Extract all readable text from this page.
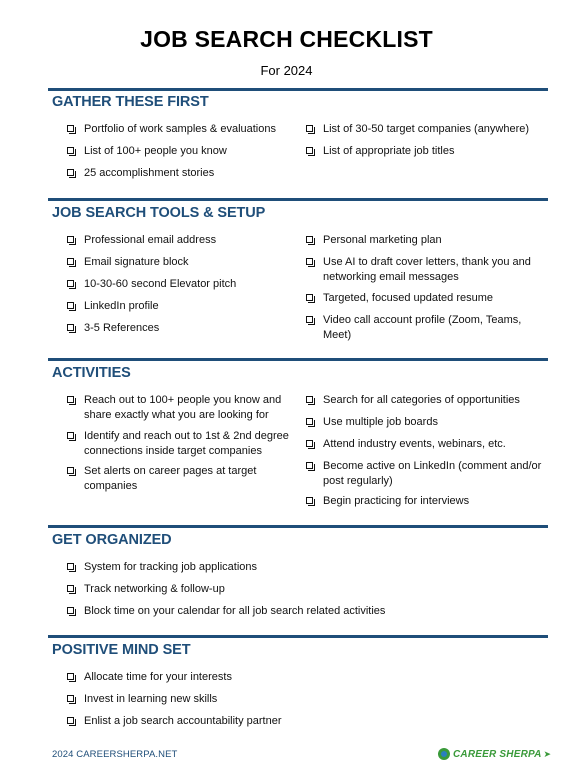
JOB SEARCH CHECKLIST
For 2024
GATHER THESE FIRST
Portfolio of work samples & evaluations
List of 100+ people you know
25 accomplishment stories
List of 30-50 target companies (anywhere)
List of appropriate job titles
JOB SEARCH TOOLS & SETUP
Professional email address
Email signature block
10-30-60 second Elevator pitch
LinkedIn profile
3-5 References
Personal marketing plan
Use AI to draft cover letters, thank you and networking email messages
Targeted, focused updated resume
Video call account profile (Zoom, Teams, Meet)
ACTIVITIES
Reach out to 100+ people you know and share exactly what you are looking for
Identify and reach out to 1st & 2nd degree connections inside target companies
Set alerts on career pages at target companies
Search for all categories of opportunities
Use multiple job boards
Attend industry events, webinars, etc.
Become active on LinkedIn (comment and/or post regularly)
Begin practicing for interviews
GET ORGANIZED
System for tracking job applications
Track networking & follow-up
Block time on your calendar for all job search related activities
POSITIVE MIND SET
Allocate time for your interests
Invest in learning new skills
Enlist a job search accountability partner
2024 CAREERSHERPA.NET	CAREER SHERPA ➤
